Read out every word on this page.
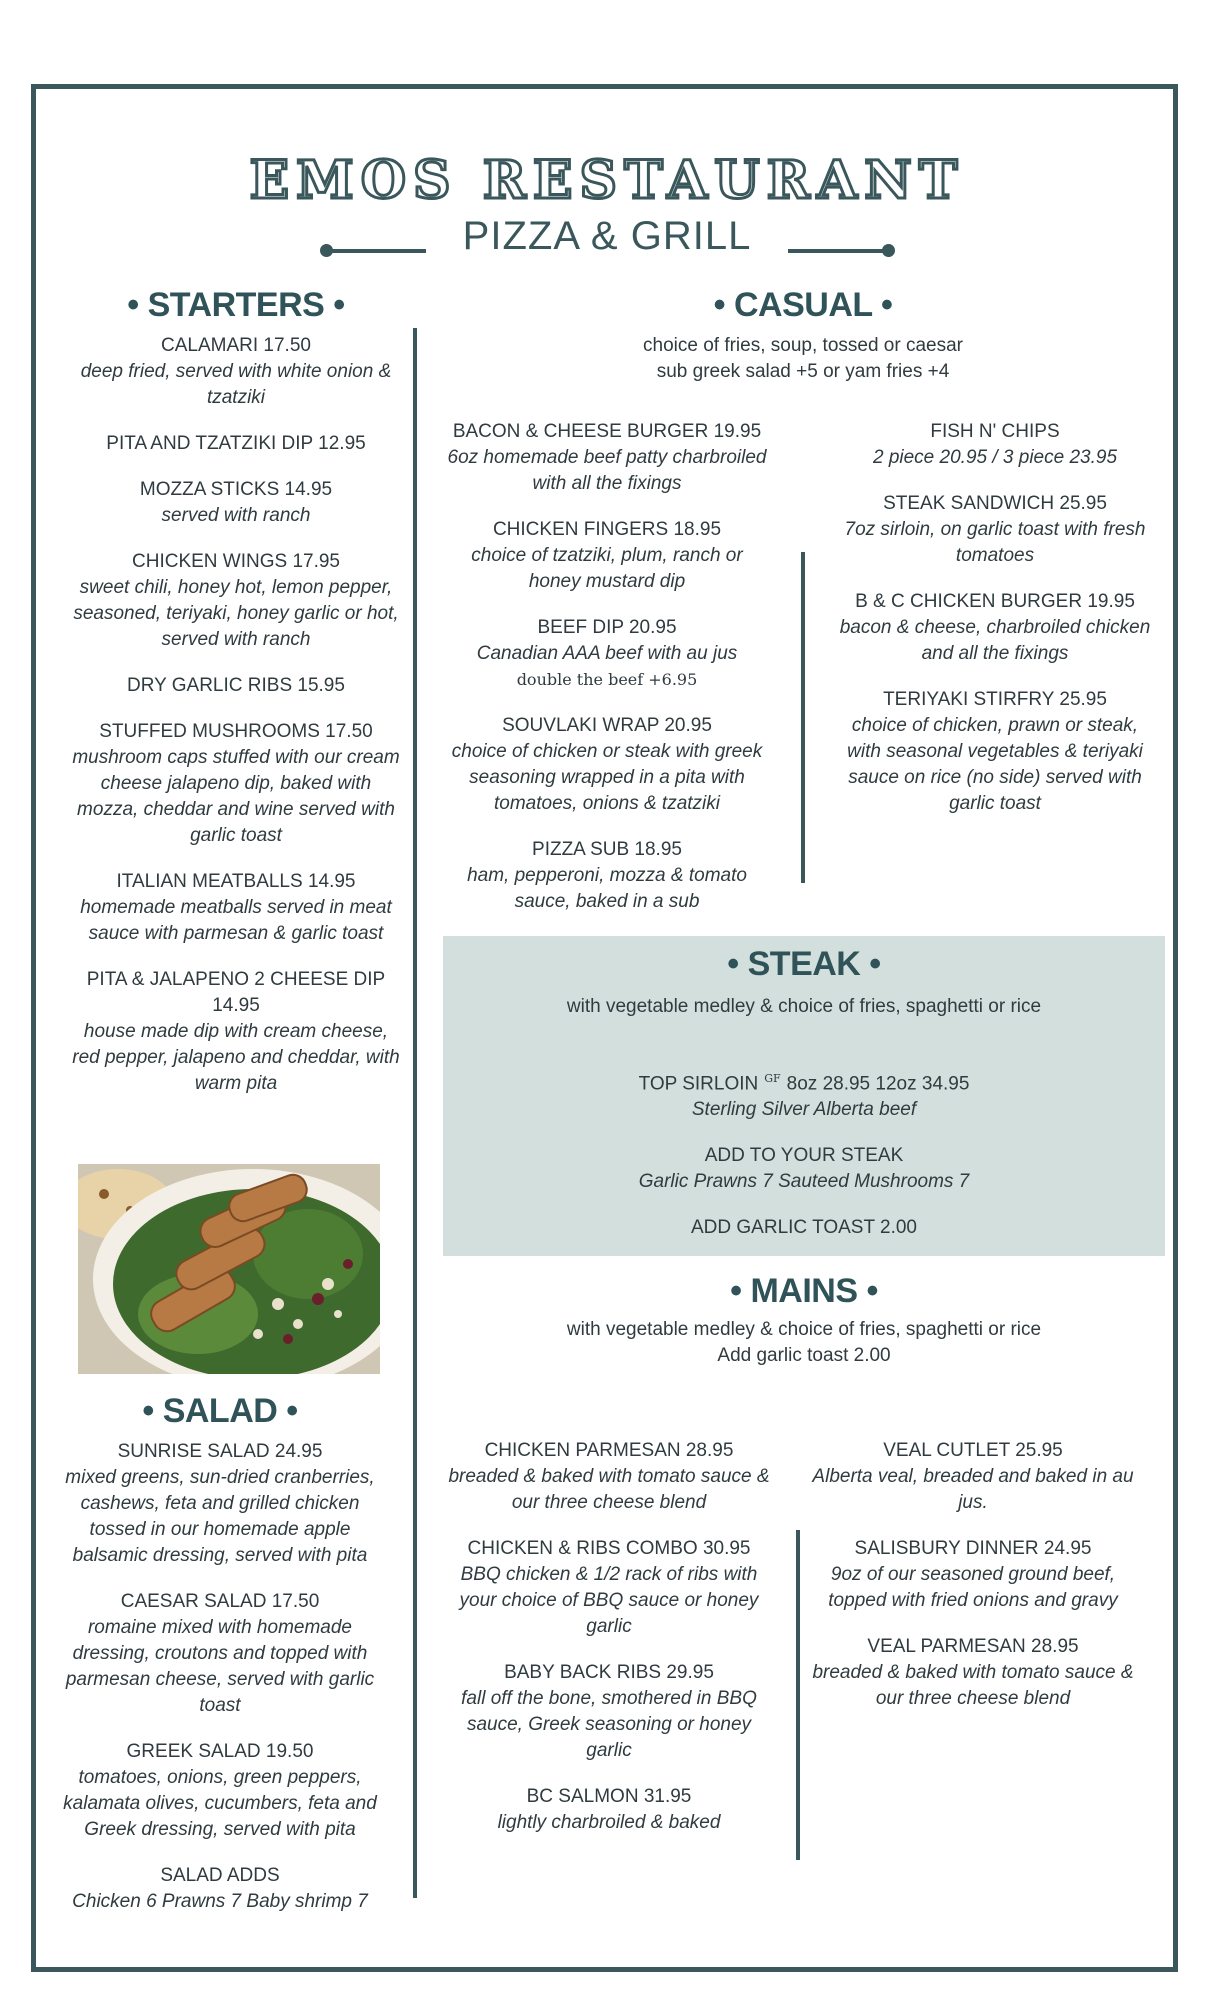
EMOS RESTAURANT
PIZZA & GRILL
• STARTERS •
CALAMARI 17.50
deep fried, served with white onion & tzatziki
PITA AND TZATZIKI DIP 12.95
MOZZA STICKS 14.95
served with ranch
CHICKEN WINGS 17.95
sweet chili, honey hot, lemon pepper, seasoned, teriyaki, honey garlic or hot, served with ranch
DRY GARLIC RIBS 15.95
STUFFED MUSHROOMS 17.50
mushroom caps stuffed with our cream cheese jalapeno dip, baked with mozza, cheddar and wine served with garlic toast
ITALIAN MEATBALLS 14.95
homemade meatballs served in meat sauce with parmesan & garlic toast
PITA & JALAPENO 2 CHEESE DIP 14.95
house made dip with cream cheese, red pepper, jalapeno and cheddar, with warm pita
• SALAD •
SUNRISE SALAD 24.95
mixed greens, sun-dried cranberries, cashews, feta and grilled chicken tossed in our homemade apple balsamic dressing, served with pita
CAESAR SALAD 17.50
romaine mixed with homemade dressing, croutons and topped with parmesan cheese, served with garlic toast
GREEK SALAD 19.50
tomatoes, onions, green peppers, kalamata olives, cucumbers, feta and Greek dressing, served with pita
SALAD ADDS
Chicken 6 Prawns 7 Baby shrimp 7
• CASUAL •
choice of fries, soup, tossed or caesar
sub greek salad +5 or yam fries +4
BACON & CHEESE BURGER 19.95
6oz homemade beef patty charbroiled with all the fixings
CHICKEN FINGERS 18.95
choice of tzatziki, plum, ranch or honey mustard dip
BEEF DIP 20.95
Canadian AAA beef with au jus
double the beef +6.95
SOUVLAKI WRAP 20.95
choice of chicken or steak with greek seasoning wrapped in a pita with tomatoes, onions & tzatziki
PIZZA SUB 18.95
ham, pepperoni, mozza & tomato sauce, baked in a sub
FISH N' CHIPS
2 piece 20.95 / 3 piece 23.95
STEAK SANDWICH 25.95
7oz sirloin, on garlic toast with fresh tomatoes
B & C CHICKEN BURGER 19.95
bacon & cheese, charbroiled chicken and all the fixings
TERIYAKI STIRFRY 25.95
choice of chicken, prawn or steak, with seasonal vegetables & teriyaki sauce on rice (no side) served with garlic toast
• STEAK •
with vegetable medley & choice of fries, spaghetti or rice
TOP SIRLOIN $^{GF}$ 8oz 28.95 12oz 34.95
Sterling Silver Alberta beef
ADD TO YOUR STEAK
Garlic Prawns 7 Sauteed Mushrooms 7
ADD GARLIC TOAST 2.00
• MAINS •
with vegetable medley & choice of fries, spaghetti or rice
Add garlic toast 2.00
CHICKEN PARMESAN 28.95
breaded & baked with tomato sauce & our three cheese blend
CHICKEN & RIBS COMBO 30.95
BBQ chicken & 1/2 rack of ribs with your choice of BBQ sauce or honey garlic
BABY BACK RIBS 29.95
fall off the bone, smothered in BBQ sauce, Greek seasoning or honey garlic
BC SALMON 31.95
lightly charbroiled & baked
VEAL CUTLET 25.95
Alberta veal, breaded and baked in au jus.
SALISBURY DINNER 24.95
9oz of our seasoned ground beef, topped with fried onions and gravy
VEAL PARMESAN 28.95
breaded & baked with tomato sauce & our three cheese blend
